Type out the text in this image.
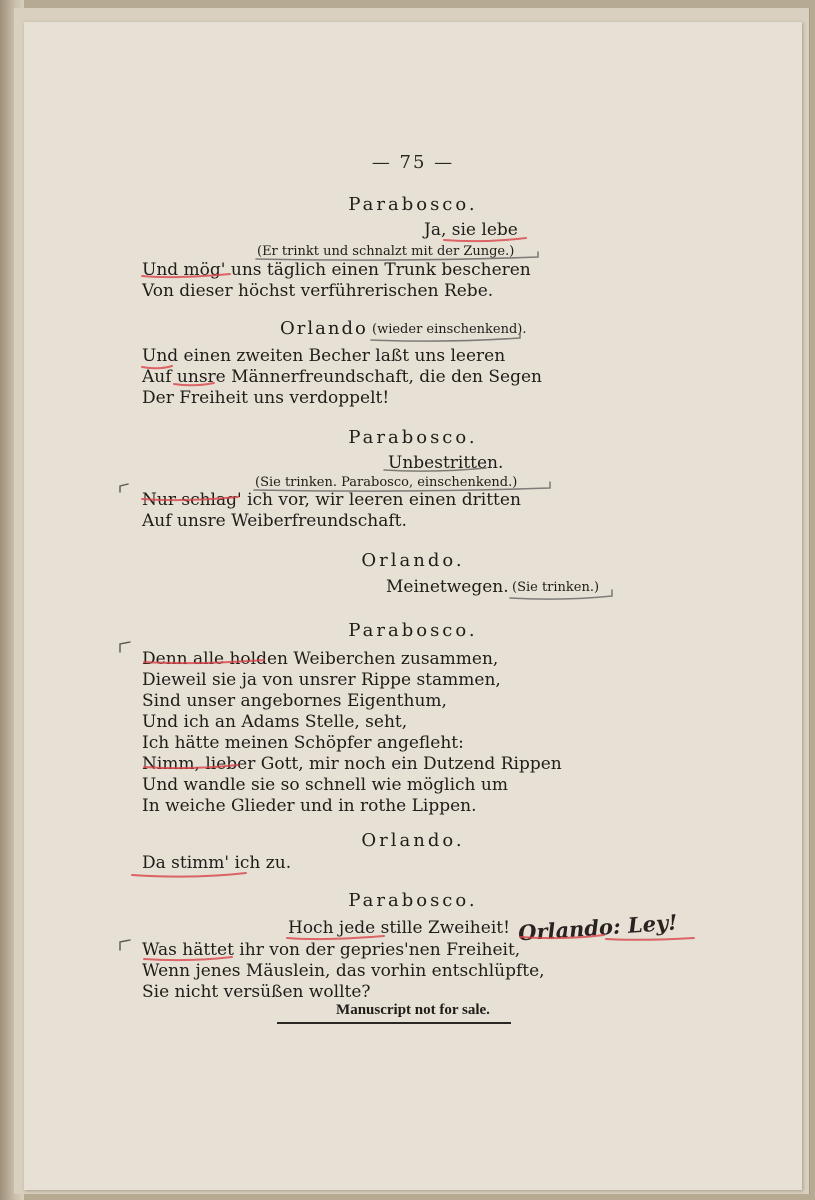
— 75 —
Parabosco.
Ja, sie lebe
(Er trinkt und schnalzt mit der Zunge.)
Und mög' uns täglich einen Trunk bescheren
Von dieser höchst verführerischen Rebe.
Orlando (wieder einschenkend).
Und einen zweiten Becher laßt uns leeren
Auf unsre Männerfreundschaft, die den Segen
Der Freiheit uns verdoppelt!
Parabosco.
Unbestritten.
(Sie trinken. Parabosco, einschenkend.)
Nur schlag' ich vor, wir leeren einen dritten
Auf unsre Weiberfreundschaft.
Orlando.
Meinetwegen. (Sie trinken.)
Parabosco.
Denn alle holden Weiberchen zusammen,
Dieweil sie ja von unsrer Rippe stammen,
Sind unser angebornes Eigenthum,
Und ich an Adams Stelle, seht,
Ich hätte meinen Schöpfer angefleht:
Nimm, lieber Gott, mir noch ein Dutzend Rippen
Und wandle sie so schnell wie möglich um
In weiche Glieder und in rothe Lippen.
Orlando.
Da stimm' ich zu.
Parabosco.
Hoch jede stille Zweiheit!
Was hättet ihr von der gepries'nen Freiheit,
Wenn jenes Mäuslein, das vorhin entschlüpfte,
Sie nicht versüßen wollte?
Orlando: Ley!
Manuscript not for sale.
